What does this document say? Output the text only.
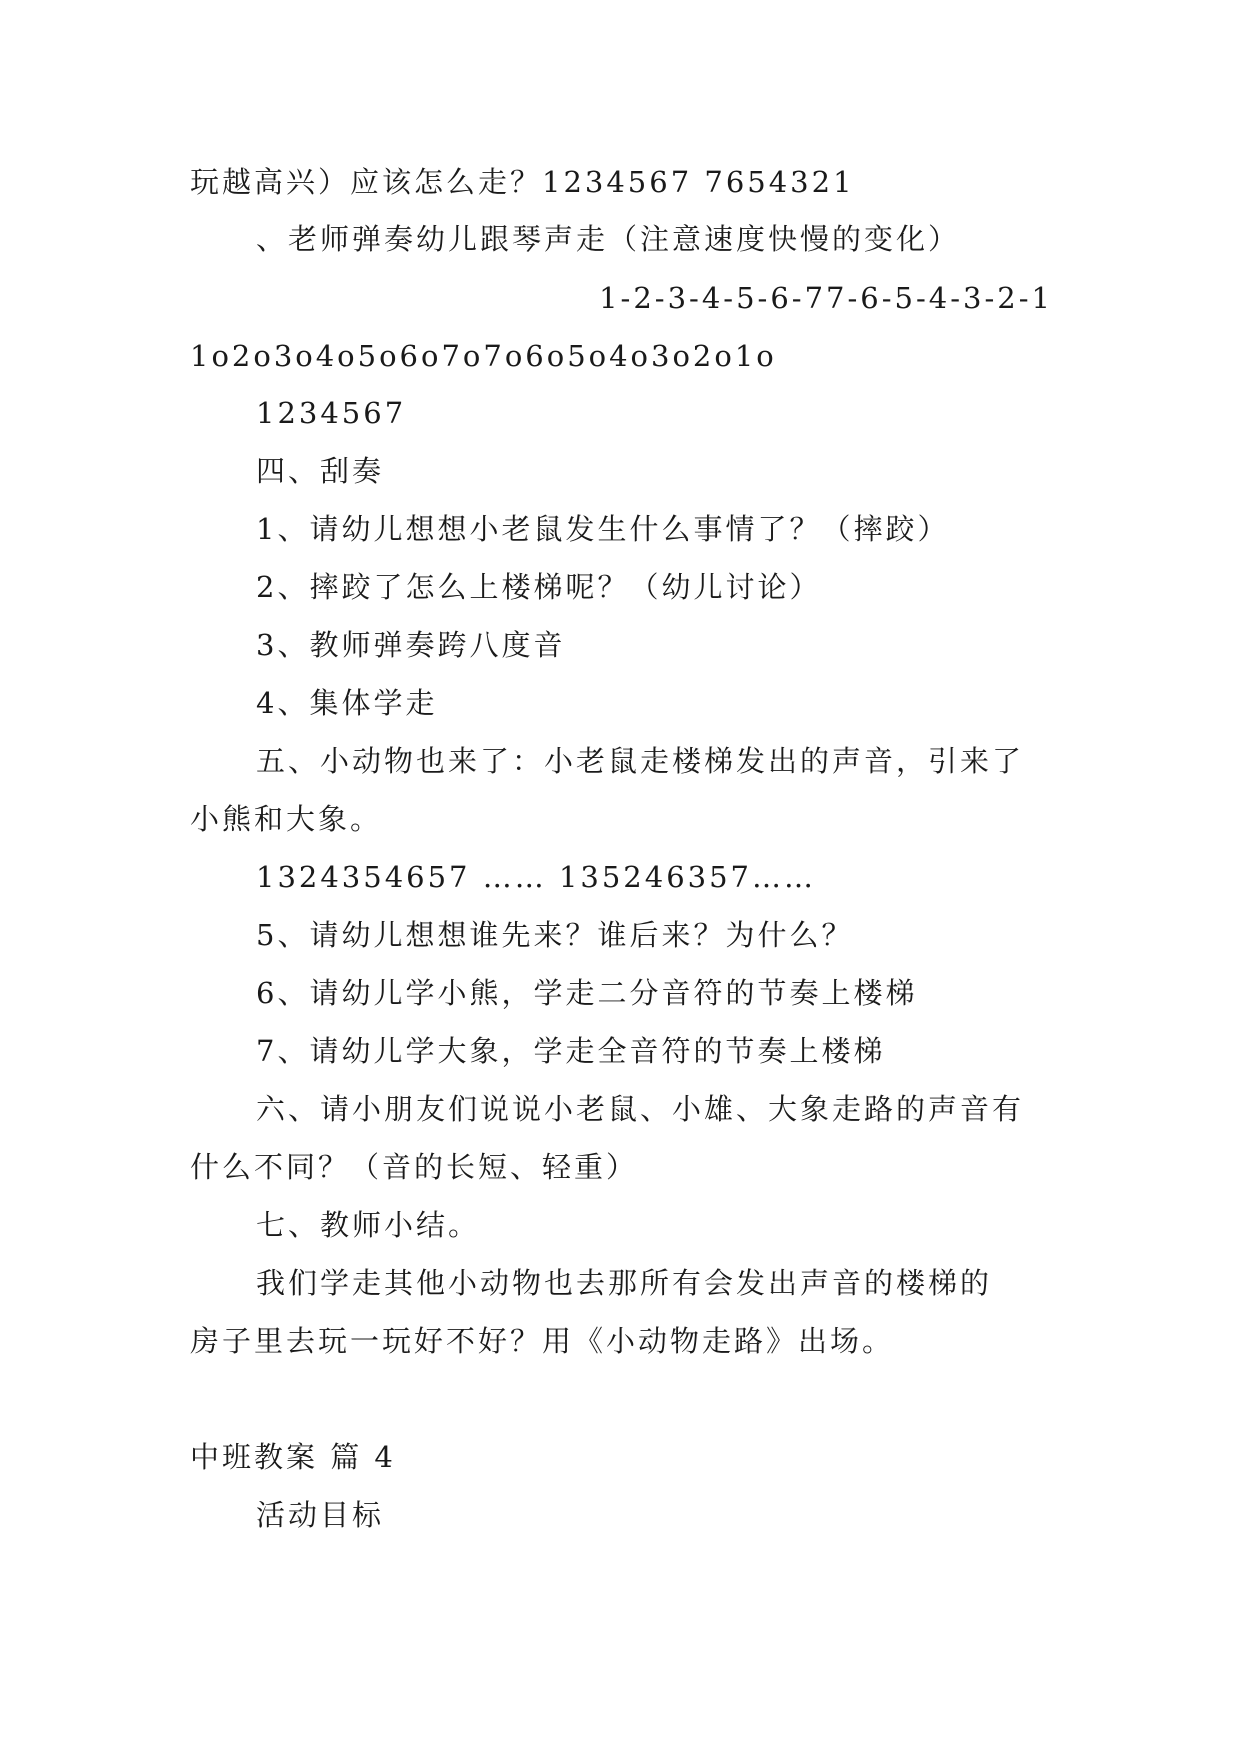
玩越高兴）应该怎么走？1234567 7654321
、老师弹奏幼儿跟琴声走（注意速度快慢的变化）
1-2-3-4-5-6-77-6-5-4-3-2-1
1o2o3o4o5o6o7o7o6o5o4o3o2o1o
1234567
四、刮奏
1、请幼儿想想小老鼠发生什么事情了？（摔跤）
2、摔跤了怎么上楼梯呢？（幼儿讨论）
3、教师弹奏跨八度音
4、集体学走
五、小动物也来了：小老鼠走楼梯发出的声音，引来了
小熊和大象。
1324354657 …… 135246357……
5、请幼儿想想谁先来？谁后来？为什么？
6、请幼儿学小熊，学走二分音符的节奏上楼梯
7、请幼儿学大象，学走全音符的节奏上楼梯
六、请小朋友们说说小老鼠、小雄、大象走路的声音有
什么不同？（音的长短、轻重）
七、教师小结。
我们学走其他小动物也去那所有会发出声音的楼梯的
房子里去玩一玩好不好？用《小动物走路》出场。
中班教案 篇 4
活动目标
